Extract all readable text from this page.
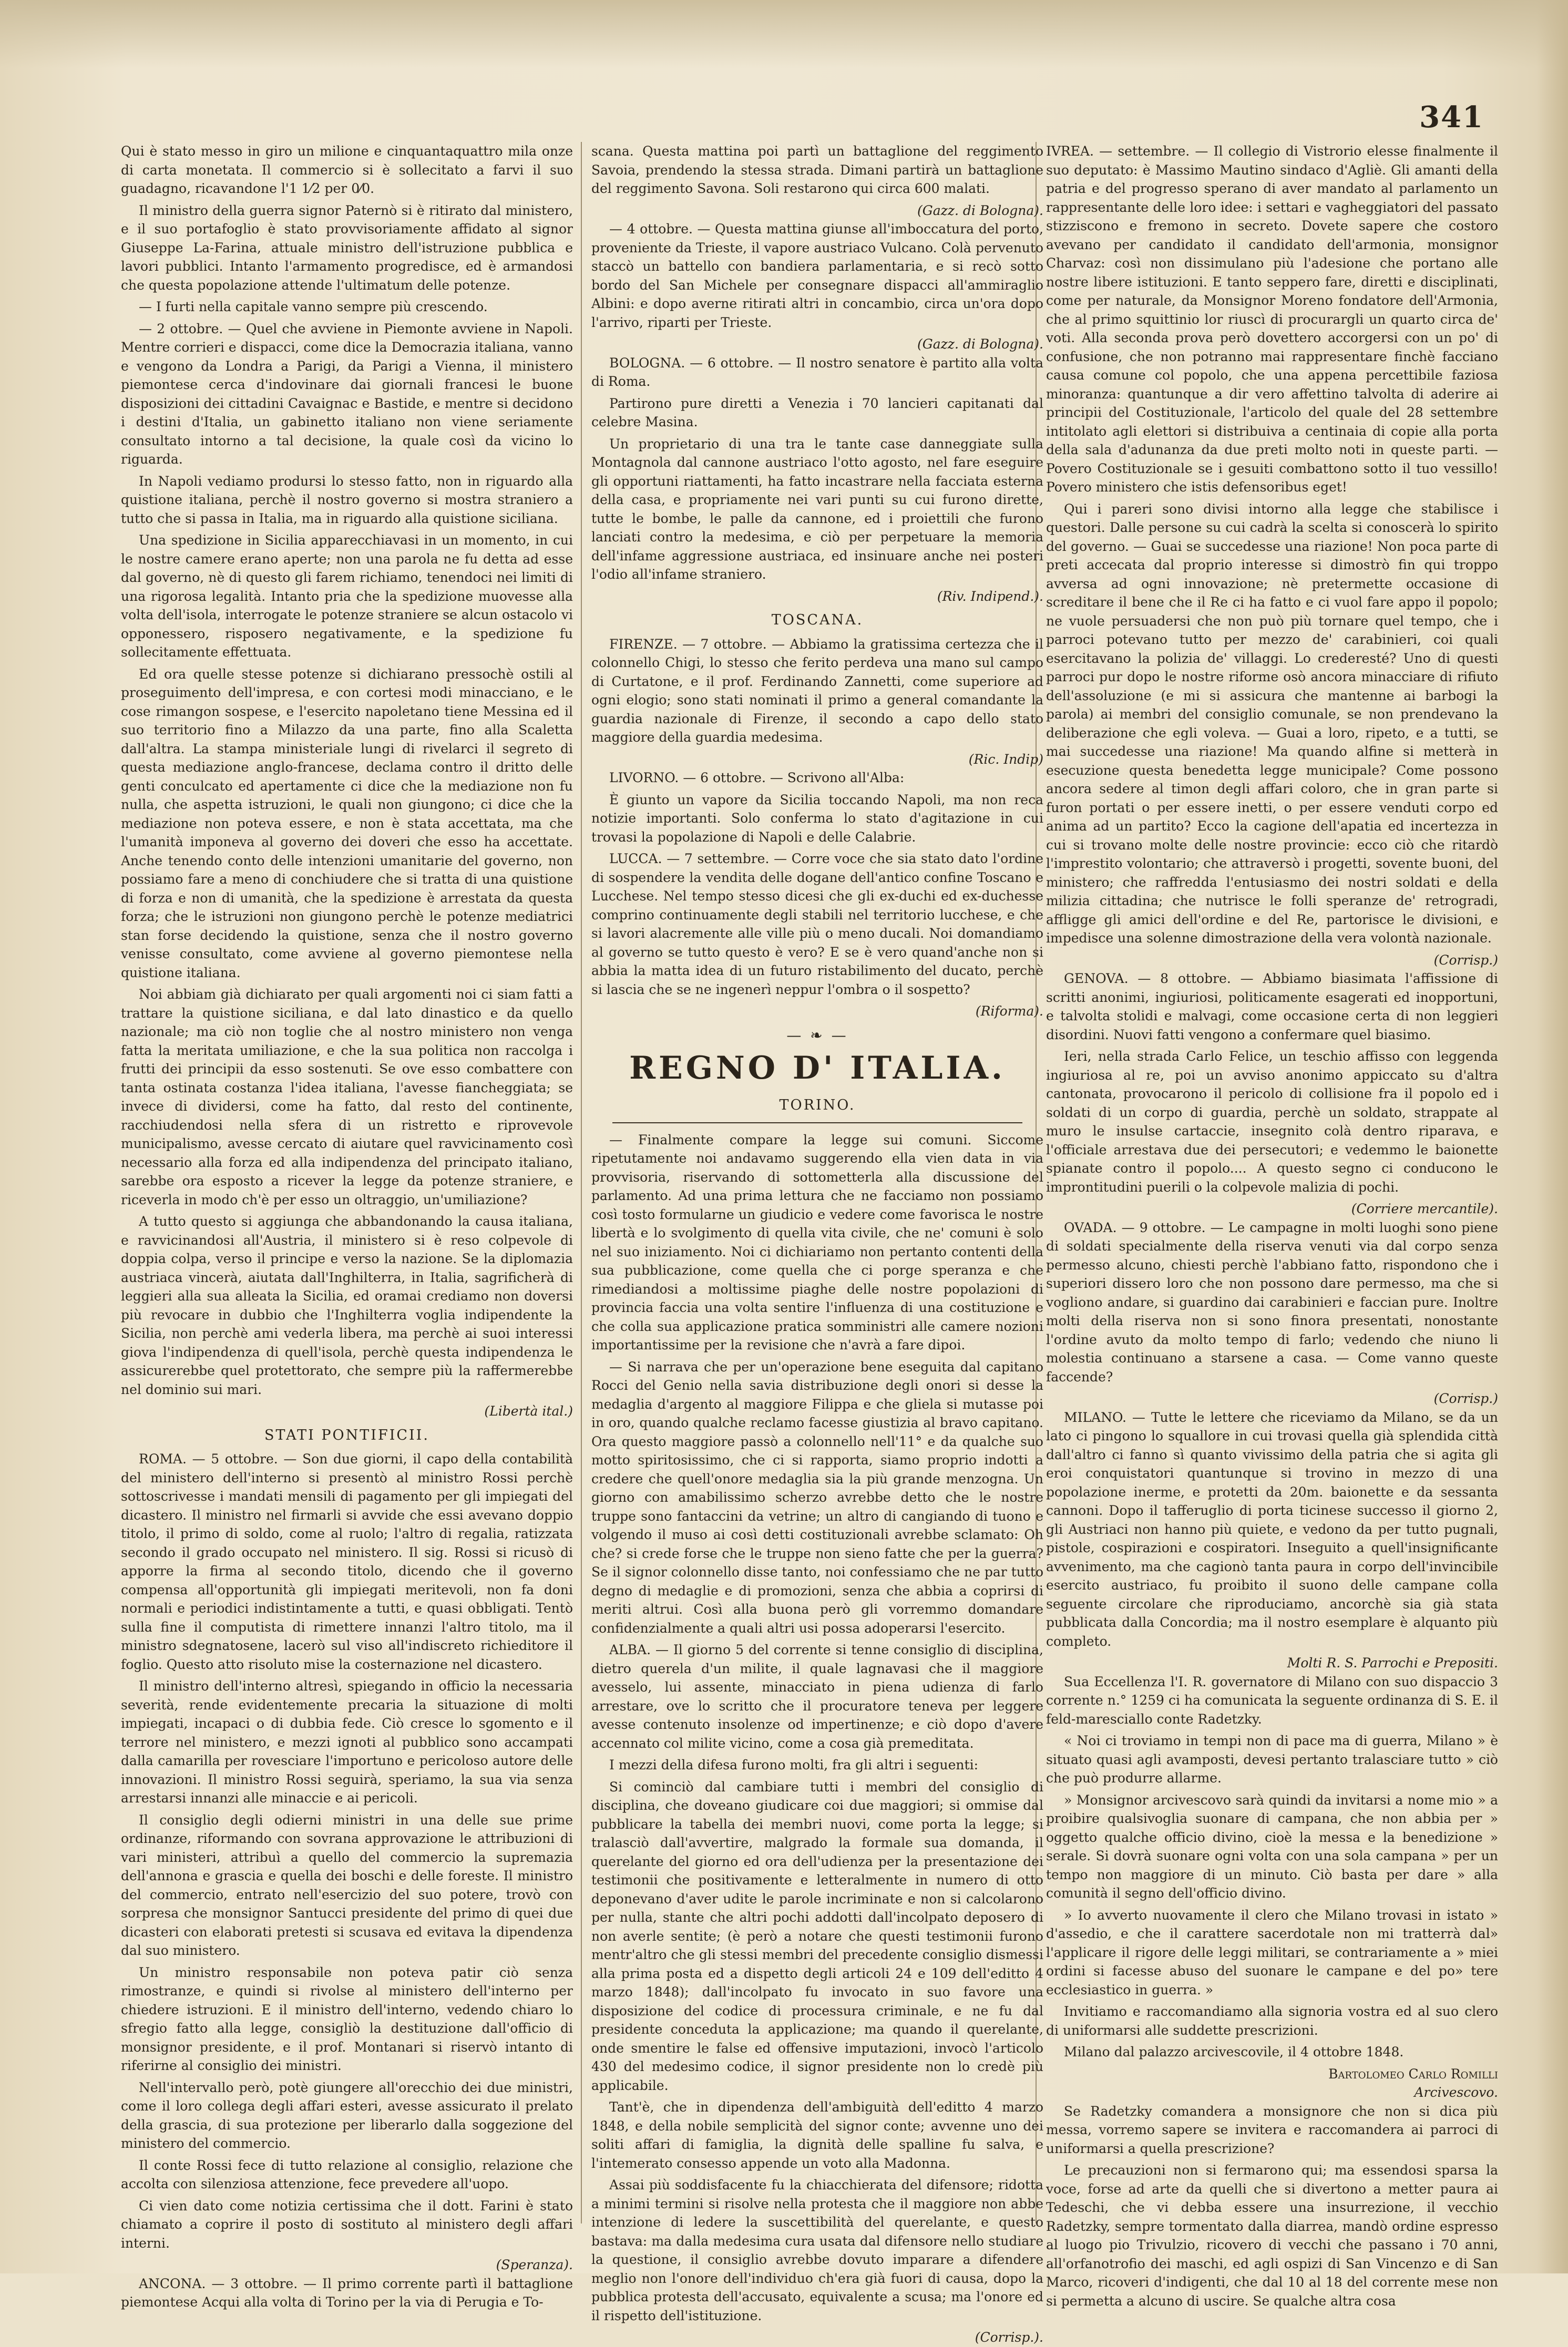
341

Qui è stato messo in giro un milione e cinquantaquattro mila onze di carta monetata. Il commercio si è sollecitato a farvi il suo guadagno, ricavandone l'1 1⁄2 per 0⁄0.

Il ministro della guerra signor Paternò si è ritirato dal ministero, e il suo portafoglio è stato provvisoriamente affidato al signor Giuseppe La-Farina, attuale ministro dell'istruzione pubblica e lavori pubblici. Intanto l'armamento progredisce, ed è armandosi che questa popolazione attende l'ultimatum delle potenze.

— I furti nella capitale vanno sempre più crescendo.

— 2 ottobre. — Quel che avviene in Piemonte avviene in Napoli. Mentre corrieri e dispacci, come dice la Democrazia italiana, vanno e vengono da Londra a Parigi, da Parigi a Vienna, il ministero piemontese cerca d'indovinare dai giornali francesi le buone disposizioni dei cittadini Cavaignac e Bastide, e mentre si decidono i destini d'Italia, un gabinetto italiano non viene seriamente consultato intorno a tal decisione, la quale così da vicino lo riguarda.

In Napoli vediamo prodursi lo stesso fatto, non in riguardo alla quistione italiana, perchè il nostro governo si mostra straniero a tutto che si passa in Italia, ma in riguardo alla quistione siciliana.

Una spedizione in Sicilia apparecchiavasi in un momento, in cui le nostre camere erano aperte; non una parola ne fu detta ad esse dal governo, nè di questo gli farem richiamo, tenendoci nei limiti di una rigorosa legalità. Intanto pria che la spedizione muovesse alla volta dell'isola, interrogate le potenze straniere se alcun ostacolo vi opponessero, risposero negativamente, e la spedizione fu sollecitamente effettuata.

Ed ora quelle stesse potenze si dichiarano pressochè ostili al proseguimento dell'impresa, e con cortesi modi minacciano, e le cose rimangon sospese, e l'esercito napoletano tiene Messina ed il suo territorio fino a Milazzo da una parte, fino alla Scaletta dall'altra. La stampa ministeriale lungi di rivelarci il segreto di questa mediazione anglo-francese, declama contro il dritto delle genti conculcato ed apertamente ci dice che la mediazione non fu nulla, che aspetta istruzioni, le quali non giungono; ci dice che la mediazione non poteva essere, e non è stata accettata, ma che l'umanità imponeva al governo dei doveri che esso ha accettate. Anche tenendo conto delle intenzioni umanitarie del governo, non possiamo fare a meno di conchiudere che si tratta di una quistione di forza e non di umanità, che la spedizione è arrestata da questa forza; che le istruzioni non giungono perchè le potenze mediatrici stan forse decidendo la quistione, senza che il nostro governo venisse consultato, come avviene al governo piemontese nella quistione italiana.

Noi abbiam già dichiarato per quali argomenti noi ci siam fatti a trattare la quistione siciliana, e dal lato dinastico e da quello nazionale; ma ciò non toglie che al nostro ministero non venga fatta la meritata umiliazione, e che la sua politica non raccolga i frutti dei principii da esso sostenuti. Se ove esso combattere con tanta ostinata costanza l'idea italiana, l'avesse fiancheggiata; se invece di dividersi, come ha fatto, dal resto del continente, racchiudendosi nella sfera di un ristretto e riprovevole municipalismo, avesse cercato di aiutare quel ravvicinamento così necessario alla forza ed alla indipendenza del principato italiano, sarebbe ora esposto a ricever la legge da potenze straniere, e riceverla in modo ch'è per esso un oltraggio, un'umiliazione?

A tutto questo si aggiunga che abbandonando la causa italiana, e ravvicinandosi all'Austria, il ministero si è reso colpevole di doppia colpa, verso il principe e verso la nazione. Se la diplomazia austriaca vincerà, aiutata dall'Inghilterra, in Italia, sagrificherà di leggieri alla sua alleata la Sicilia, ed oramai crediamo non doversi più revocare in dubbio che l'Inghilterra voglia indipendente la Sicilia, non perchè ami vederla libera, ma perchè ai suoi interessi giova l'indipendenza di quell'isola, perchè questa indipendenza le assicurerebbe quel protettorato, che sempre più la raffermerebbe nel dominio sui mari.

(Libertà ital.)
STATI PONTIFICII.

ROMA. — 5 ottobre. — Son due giorni, il capo della contabilità del ministero dell'interno si presentò al ministro Rossi perchè sottoscrivesse i mandati mensili di pagamento per gli impiegati del dicastero. Il ministro nel firmarli si avvide che essi avevano doppio titolo, il primo di soldo, come al ruolo; l'altro di regalia, ratizzata secondo il grado occupato nel ministero. Il sig. Rossi si ricusò di apporre la firma al secondo titolo, dicendo che il governo compensa all'opportunità gli impiegati meritevoli, non fa doni normali e periodici indistintamente a tutti, e quasi obbligati. Tentò sulla fine il computista di rimettere innanzi l'altro titolo, ma il ministro sdegnatosene, lacerò sul viso all'indiscreto richieditore il foglio. Questo atto risoluto mise la costernazione nel dicastero.

Il ministro dell'interno altresì, spiegando in officio la necessaria severità, rende evidentemente precaria la situazione di molti impiegati, incapaci o di dubbia fede. Ciò cresce lo sgomento e il terrore nel ministero, e mezzi ignoti al pubblico sono accampati dalla camarilla per rovesciare l'importuno e pericoloso autore delle innovazioni. Il ministro Rossi seguirà, speriamo, la sua via senza arrestarsi innanzi alle minaccie e ai pericoli.

Il consiglio degli odierni ministri in una delle sue prime ordinanze, riformando con sovrana approvazione le attribuzioni di vari ministeri, attribuì a quello del commercio la supremazia dell'annona e grascia e quella dei boschi e delle foreste. Il ministro del commercio, entrato nell'esercizio del suo potere, trovò con sorpresa che monsignor Santucci presidente del primo di quei due dicasteri con elaborati pretesti si scusava ed evitava la dipendenza dal suo ministero.

Un ministro responsabile non poteva patir ciò senza rimostranze, e quindi si rivolse al ministero dell'interno per chiedere istruzioni. E il ministro dell'interno, vedendo chiaro lo sfregio fatto alla legge, consigliò la destituzione dall'officio di monsignor presidente, e il prof. Montanari si riservò intanto di riferirne al consiglio dei ministri.

Nell'intervallo però, potè giungere all'orecchio dei due ministri, come il loro collega degli affari esteri, avesse assicurato il prelato della grascia, di sua protezione per liberarlo dalla soggezione del ministero del commercio.

Il conte Rossi fece di tutto relazione al consiglio, relazione che accolta con silenziosa attenzione, fece prevedere all'uopo.

Ci vien dato come notizia certissima che il dott. Farini è stato chiamato a coprire il posto di sostituto al ministero degli affari interni.

(Speranza).

ANCONA. — 3 ottobre. — Il primo corrente partì il battaglione piemontese Acqui alla volta di Torino per la via di Perugia e To-

scana. Questa mattina poi partì un battaglione del reggimento Savoia, prendendo la stessa strada. Dimani partirà un battaglione del reggimento Savona. Soli restarono qui circa 600 malati.

(Gazz. di Bologna).

— 4 ottobre. — Questa mattina giunse all'imboccatura del porto, proveniente da Trieste, il vapore austriaco Vulcano. Colà pervenuto staccò un battello con bandiera parlamentaria, e si recò sotto bordo del San Michele per consegnare dispacci all'ammiraglio Albini: e dopo averne ritirati altri in concambio, circa un'ora dopo l'arrivo, riparti per Trieste.

(Gazz. di Bologna).

BOLOGNA. — 6 ottobre. — Il nostro senatore è partito alla volta di Roma.

Partirono pure diretti a Venezia i 70 lancieri capitanati dal celebre Masina.

Un proprietario di una tra le tante case danneggiate sulla Montagnola dal cannone austriaco l'otto agosto, nel fare eseguire gli opportuni riattamenti, ha fatto incastrare nella facciata esterna della casa, e propriamente nei vari punti su cui furono dirette, tutte le bombe, le palle da cannone, ed i proiettili che furono lanciati contro la medesima, e ciò per perpetuare la memoria dell'infame aggressione austriaca, ed insinuare anche nei posteri l'odio all'infame straniero.

(Riv. Indipend.).
TOSCANA.

FIRENZE. — 7 ottobre. — Abbiamo la gratissima certezza che il colonnello Chigi, lo stesso che ferito perdeva una mano sul campo di Curtatone, e il prof. Ferdinando Zannetti, come superiore ad ogni elogio; sono stati nominati il primo a general comandante la guardia nazionale di Firenze, il secondo a capo dello stato maggiore della guardia medesima.

(Ric. Indip)

LIVORNO. — 6 ottobre. — Scrivono all'Alba:

È giunto un vapore da Sicilia toccando Napoli, ma non reca notizie importanti. Solo conferma lo stato d'agitazione in cui trovasi la popolazione di Napoli e delle Calabrie.

LUCCA. — 7 settembre. — Corre voce che sia stato dato l'ordine di sospendere la vendita delle dogane dell'antico confine Toscano e Lucchese. Nel tempo stesso dicesi che gli ex-duchi ed ex-duchesse comprino continuamente degli stabili nel territorio lucchese, e che si lavori alacremente alle ville più o meno ducali. Noi domandiamo al governo se tutto questo è vero? E se è vero quand'anche non si abbia la matta idea di un futuro ristabilimento del ducato, perchè si lascia che se ne ingenerì neppur l'ombra o il sospetto?

(Riforma).
— ❧ —
REGNO D' ITALIA.
TORINO.

— Finalmente compare la legge sui comuni. Siccome ripetutamente noi andavamo suggerendo ella vien data in via provvisoria, riservando di sottometterla alla discussione del parlamento. Ad una prima lettura che ne facciamo non possiamo così tosto formularne un giudicio e vedere come favorisca le nostre libertà e lo svolgimento di quella vita civile, che ne' comuni è solo nel suo iniziamento. Noi ci dichiariamo non pertanto contenti della sua pubblicazione, come quella che ci porge speranza e che rimediandosi a moltissime piaghe delle nostre popolazioni di provincia faccia una volta sentire l'influenza di una costituzione e che colla sua applicazione pratica somministri alle camere nozioni importantissime per la revisione che n'avrà a fare dipoi.

— Si narrava che per un'operazione bene eseguita dal capitano Rocci del Genio nella savia distribuzione degli onori si desse la medaglia d'argento al maggiore Filippa e che gliela si mutasse poi in oro, quando qualche reclamo facesse giustizia al bravo capitano. Ora questo maggiore passò a colonnello nell'11° e da qualche suo motto spiritosissimo, che ci si rapporta, siamo proprio indotti a credere che quell'onore medaglia sia la più grande menzogna. Un giorno con amabilissimo scherzo avrebbe detto che le nostre truppe sono fantaccini da vetrine; un altro di cangiando di tuono e volgendo il muso ai così detti costituzionali avrebbe sclamato: Oh che? si crede forse che le truppe non sieno fatte che per la guerra? Se il signor colonnello disse tanto, noi confessiamo che ne par tutto degno di medaglie e di promozioni, senza che abbia a coprirsi di meriti altrui. Così alla buona però gli vorremmo domandare confidenzialmente a quali altri usi possa adoperarsi l'esercito.

ALBA. — Il giorno 5 del corrente si tenne consiglio di disciplina, dietro querela d'un milite, il quale lagnavasi che il maggiore avesselo, lui assente, minacciato in piena udienza di farlo arrestare, ove lo scritto che il procuratore teneva per leggere avesse contenuto insolenze od impertinenze; e ciò dopo d'avere accennato col milite vicino, come a cosa già premeditata.

I mezzi della difesa furono molti, fra gli altri i seguenti:

Si cominciò dal cambiare tutti i membri del consiglio di disciplina, che doveano giudicare coi due maggiori; si ommise dal pubblicare la tabella dei membri nuovi, come porta la legge; si tralasciò dall'avvertire, malgrado la formale sua domanda, il querelante del giorno ed ora dell'udienza per la presentazione dei testimonii che positivamente e letteralmente in numero di otto deponevano d'aver udite le parole incriminate e non si calcolarono per nulla, stante che altri pochi addotti dall'incolpato deposero di non averle sentite; (è però a notare che questi testimonii furono mentr'altro che gli stessi membri del precedente consiglio dismessi alla prima posta ed a dispetto degli articoli 24 e 109 dell'editto 4 marzo 1848); dall'incolpato fu invocato in suo favore una disposizione del codice di processura criminale, e ne fu dal presidente conceduta la applicazione; ma quando il querelante, onde smentire le false ed offensive imputazioni, invocò l'articolo 430 del medesimo codice, il signor presidente non lo credè più applicabile.

Tant'è, che in dipendenza dell'ambiguità dell'editto 4 marzo 1848, e della nobile semplicità del signor conte; avvenne uno dei soliti affari di famiglia, la dignità delle spalline fu salva, e l'intemerato consesso appende un voto alla Madonna.

Assai più soddisfacente fu la chiacchierata del difensore; ridotta a minimi termini si risolve nella protesta che il maggiore non abbe intenzione di ledere la suscettibilità del querelante, e questo bastava: ma dalla medesima cura usata dal difensore nello studiare la questione, il consiglio avrebbe dovuto imparare a difendere meglio non l'onore dell'individuo ch'era già fuori di causa, dopo la pubblica protesta dell'accusato, equivalente a scusa; ma l'onore ed il rispetto dell'istituzione.

(Corrisp.).

IVREA. — settembre. — Il collegio di Vistrorio elesse finalmente il suo deputato: è Massimo Mautino sindaco d'Agliè. Gli amanti della patria e del progresso sperano di aver mandato al parlamento un rappresentante delle loro idee: i settari e vagheggiatori del passato stizziscono e fremono in secreto. Dovete sapere che costoro avevano per candidato il candidato dell'armonia, monsignor Charvaz: così non dissimulano più l'adesione che portano alle nostre libere istituzioni. E tanto seppero fare, diretti e disciplinati, come per naturale, da Monsignor Moreno fondatore dell'Armonia, che al primo squittinio lor riuscì di procurargli un quarto circa de' voti. Alla seconda prova però dovettero accorgersi con un po' di confusione, che non potranno mai rappresentare finchè facciano causa comune col popolo, che una appena percettibile faziosa minoranza: quantunque a dir vero affettino talvolta di aderire ai principii del Costituzionale, l'articolo del quale del 28 settembre intitolato agli elettori si distribuiva a centinaia di copie alla porta della sala d'adunanza da due preti molto noti in queste parti. — Povero Costituzionale se i gesuiti combattono sotto il tuo vessillo! Povero ministero che istis defensoribus eget!

Qui i pareri sono divisi intorno alla legge che stabilisce i questori. Dalle persone su cui cadrà la scelta si conoscerà lo spirito del governo. — Guai se succedesse una riazione! Non poca parte di preti accecata dal proprio interesse si dimostrò fin qui troppo avversa ad ogni innovazione; nè pretermette occasione di screditare il bene che il Re ci ha fatto e ci vuol fare appo il popolo; ne vuole persuadersi che non può più tornare quel tempo, che i parroci potevano tutto per mezzo de' carabinieri, coi quali esercitavano la polizia de' villaggi. Lo crederesté? Uno di questi parroci pur dopo le nostre riforme osò ancora minacciare di rifiuto dell'assoluzione (e mi si assicura che mantenne ai barbogi la parola) ai membri del consiglio comunale, se non prendevano la deliberazione che egli voleva. — Guai a loro, ripeto, e a tutti, se mai succedesse una riazione! Ma quando alfine si metterà in esecuzione questa benedetta legge municipale? Come possono ancora sedere al timon degli affari coloro, che in gran parte si furon portati o per essere inetti, o per essere venduti corpo ed anima ad un partito? Ecco la cagione dell'apatia ed incertezza in cui si trovano molte delle nostre provincie: ecco ciò che ritardò l'imprestito volontario; che attraversò i progetti, sovente buoni, del ministero; che raffredda l'entusiasmo dei nostri soldati e della milizia cittadina; che nutrisce le folli speranze de' retrogradi, affligge gli amici dell'ordine e del Re, partorisce le divisioni, e impedisce una solenne dimostrazione della vera volontà nazionale.

(Corrisp.)

GENOVA. — 8 ottobre. — Abbiamo biasimata l'affissione di scritti anonimi, ingiuriosi, politicamente esagerati ed inopportuni, e talvolta stolidi e malvagi, come occasione certa di non leggieri disordini. Nuovi fatti vengono a confermare quel biasimo.

Ieri, nella strada Carlo Felice, un teschio affisso con leggenda ingiuriosa al re, poi un avviso anonimo appiccato su d'altra cantonata, provocarono il pericolo di collisione fra il popolo ed i soldati di un corpo di guardia, perchè un soldato, strappate al muro le insulse cartaccie, insegnito colà dentro riparava, e l'officiale arrestava due dei persecutori; e vedemmo le baionette spianate contro il popolo.... A questo segno ci conducono le improntitudini puerili o la colpevole malizia di pochi.

(Corriere mercantile).

OVADA. — 9 ottobre. — Le campagne in molti luoghi sono piene di soldati specialmente della riserva venuti via dal corpo senza permesso alcuno, chiesti perchè l'abbiano fatto, rispondono che i superiori dissero loro che non possono dare permesso, ma che si vogliono andare, si guardino dai carabinieri e faccian pure. Inoltre molti della riserva non si sono finora presentati, nonostante l'ordine avuto da molto tempo di farlo; vedendo che niuno li molestia continuano a starsene a casa. — Come vanno queste faccende?

(Corrisp.)

MILANO. — Tutte le lettere che riceviamo da Milano, se da un lato ci pingono lo squallore in cui trovasi quella già splendida città dall'altro ci fanno sì quanto vivissimo della patria che si agita gli eroi conquistatori quantunque si trovino in mezzo di una popolazione inerme, e protetti da 20m. baionette e da sessanta cannoni. Dopo il tafferuglio di porta ticinese successo il giorno 2, gli Austriaci non hanno più quiete, e vedono da per tutto pugnali, pistole, cospirazioni e cospiratori. Inseguito a quell'insignificante avvenimento, ma che cagionò tanta paura in corpo dell'invincibile esercito austriaco, fu proibito il suono delle campane colla seguente circolare che riproduciamo, ancorchè sia già stata pubblicata dalla Concordia; ma il nostro esemplare è alquanto più completo.

Molti R. S. Parrochi e Prepositi.

Sua Eccellenza l'I. R. governatore di Milano con suo dispaccio 3 corrente n.° 1259 ci ha comunicata la seguente ordinanza di S. E. il feld-maresciallo conte Radetzky.

« Noi ci troviamo in tempi non di pace ma di guerra, Milano » è situato quasi agli avamposti, devesi pertanto tralasciare tutto » ciò che può produrre allarme.

» Monsignor arcivescovo sarà quindi da invitarsi a nome mio » a proibire qualsivoglia suonare di campana, che non abbia per » oggetto qualche officio divino, cioè la messa e la benedizione » serale. Si dovrà suonare ogni volta con una sola campana » per un tempo non maggiore di un minuto. Ciò basta per dare » alla comunità il segno dell'officio divino.

» Io avverto nuovamente il clero che Milano trovasi in istato » d'assedio, e che il carattere sacerdotale non mi tratterrà dal» l'applicare il rigore delle leggi militari, se contrariamente a » miei ordini si facesse abuso del suonare le campane e del po» tere ecclesiastico in guerra. »

Invitiamo e raccomandiamo alla signoria vostra ed al suo clero di uniformarsi alle suddette prescrizioni.

Milano dal palazzo arcivescovile, il 4 ottobre 1848.

Bartolomeo Carlo Romilli
Arcivescovo.

Se Radetzky comandera a monsignore che non si dica più messa, vorremo sapere se invitera e raccomandera ai parroci di uniformarsi a quella prescrizione?

Le precauzioni non si fermarono qui; ma essendosi sparsa la voce, forse ad arte da quelli che si divertono a metter paura ai Tedeschi, che vi debba essere una insurrezione, il vecchio Radetzky, sempre tormentato dalla diarrea, mandò ordine espresso al luogo pio Trivulzio, ricovero di vecchi che passano i 70 anni, all'orfanotrofio dei maschi, ed agli ospizi di San Vincenzo e di San Marco, ricoveri d'indigenti, che dal 10 al 18 del corrente mese non si permetta a alcuno di uscire. Se qualche altra cosa
